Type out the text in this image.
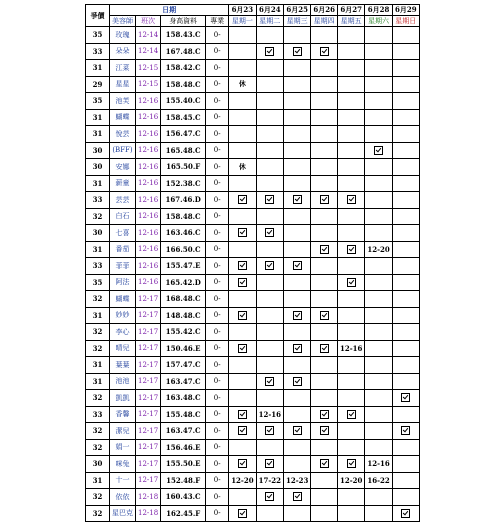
爭價	日期				6月23	6月24	6月25	6月26	6月27	6月28	6月29
	美容師	班次	身高資料	專業	星期一	星期二	星期三	星期四	星期五	星期六	星期日
35	玫瑰	12-14	158.43.C	0-							
33	朵朵	12-14	167.48.C	0-							
31	江菜	12-15	158.42.C	0-							
29	星星	12-15	158.48.C	0-	休						
35	池芙	12-16	155.40.C	0-							
31	蝴蝶	12-16	158.45.C	0-							
31	悅芸	12-16	156.47.C	0-							
30	(BFF)	12-16	165.48.C	0-							
30	安娜	12-16	165.50.F	0-	休						
31	薪童	12-16	152.38.C	0-							
33	芸芸	12-16	167.46.D	0-							
32	白石	12-16	158.48.C	0-							
30	七喜	12-16	163.46.C	0-							
31	番茄	12-16	166.50.C	0-						12-20	
33	菲菲	12-16	155.47.E	0-							
35	阿法	12-16	165.42.D	0-							
32	蝴蝶	12-17	168.48.C	0-							
31	妙妙	12-17	148.48.C	0-							
32	李心	12-17	155.42.C	0-							
32	晴兒	12-17	150.46.E	0-					12-16		
31	葉葉	12-17	157.47.C	0-							
31	池池	12-17	163.47.C	0-							
32	凱凱	12-17	163.48.C	0-							
33	香馨	12-17	155.48.C	0-		12-16					
32	潔兒	12-17	163.47.C	0-							
32	娟一	12-17	156.46.E	0-							
30	咪兔	12-17	155.50.E	0-						12-16	
31	十一	12-17	152.48.F	0-	12-20	17-22	12-23		12-20	16-22	
32	依依	12-18	160.43.C	0-							
32	星巴克	12-18	162.45.F	0-							
